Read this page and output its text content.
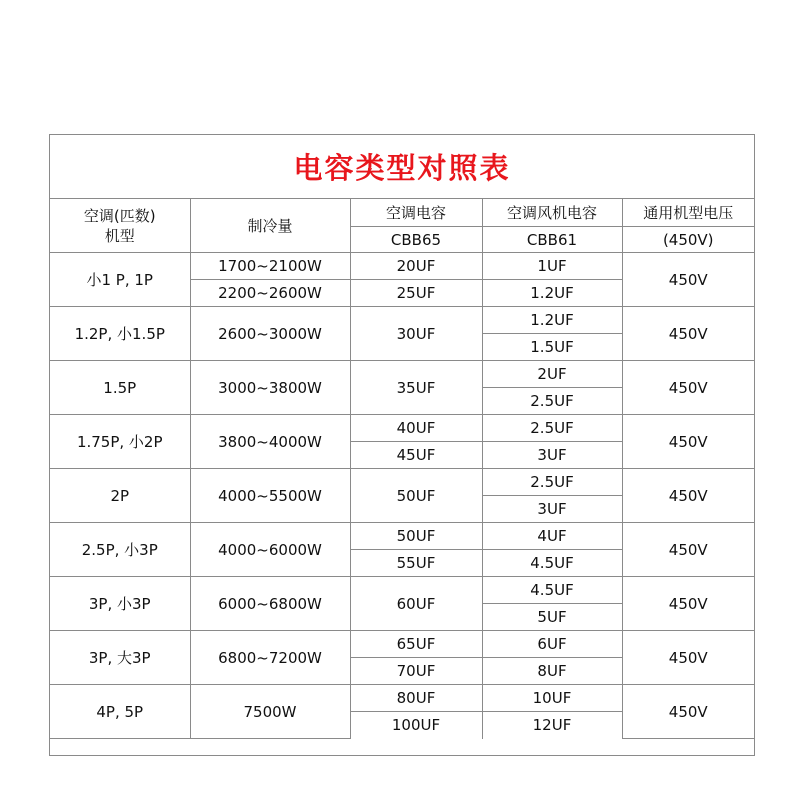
电容类型对照表
空调(匹数)
机型	制冷量	空调电容	空调风机电容	通用机型电压
		CBB65	CBB61	(450V)
小1 P, 1P	1700~2100W	20UF	1UF	450V
	2200~2600W	25UF	1.2UF	
1.2P, 小1.5P	2600~3000W	30UF	1.2UF	450V
			1.5UF	
1.5P	3000~3800W	35UF	2UF	450V
			2.5UF	
1.75P, 小2P	3800~4000W	40UF	2.5UF	450V
		45UF	3UF	
2P	4000~5500W	50UF	2.5UF	450V
			3UF	
2.5P, 小3P	4000~6000W	50UF	4UF	450V
		55UF	4.5UF	
3P, 小3P	6000~6800W	60UF	4.5UF	450V
			5UF	
3P, 大3P	6800~7200W	65UF	6UF	450V
		70UF	8UF	
4P, 5P	7500W	80UF	10UF	450V
		100UF	12UF	
